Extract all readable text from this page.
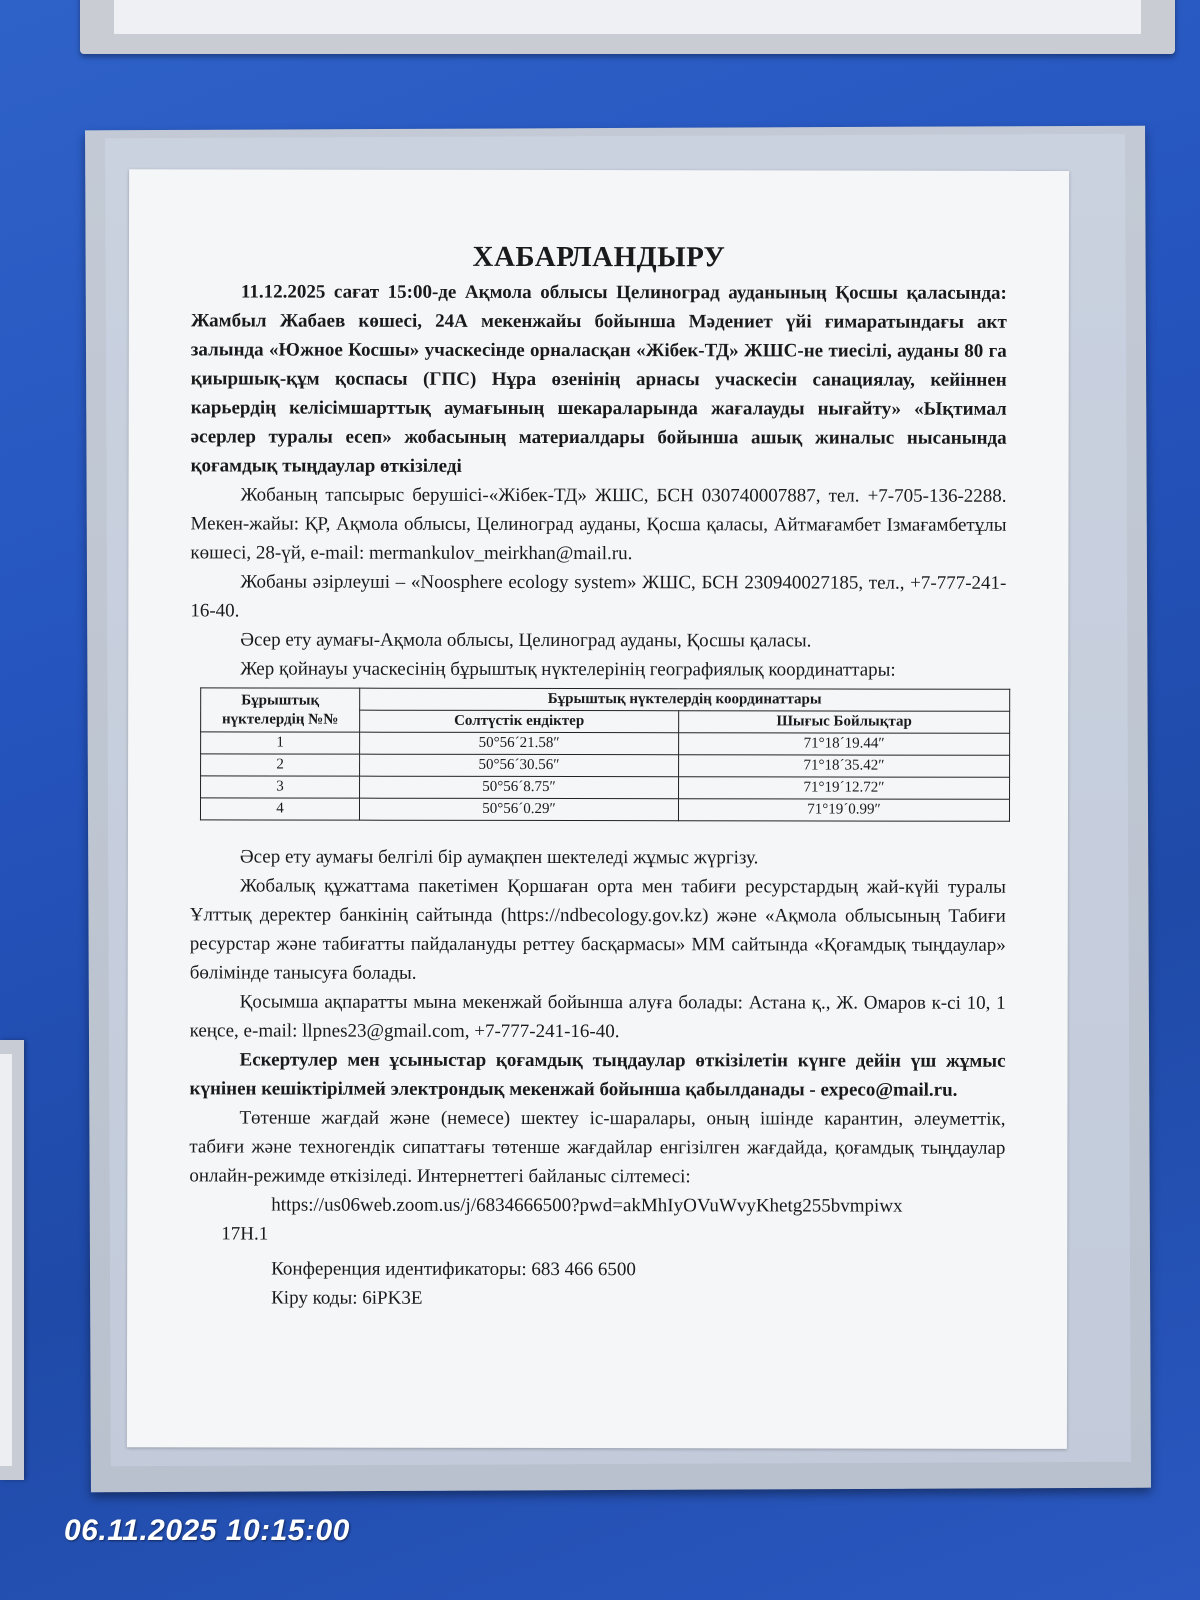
ХАБАРЛАНДЫРУ

11.12.2025 сағат 15:00-де Ақмола облысы Целиноград ауданының Қосшы қаласында: Жамбыл Жабаев көшесі, 24А мекенжайы бойынша Мәдениет үйі ғимаратындағы акт залында «Южное Косшы» учаскесінде орналасқан «Жібек-ТД» ЖШС-не тиесілі, ауданы 80 га қиыршық-құм қоспасы (ГПС) Нұра өзенінің арнасы учаскесін санациялау, кейіннен карьердің келісімшарттық аумағының шекараларында жағалауды нығайту» «Ықтимал әсерлер туралы есеп» жобасының материалдары бойынша ашық жиналыс нысанында қоғамдық тыңдаулар өткізіледі

Жобаның тапсырыс берушісі-«Жібек-ТД» ЖШС, БСН 030740007887, тел. +7-705-136-2288. Мекен-жайы: ҚР, Ақмола облысы, Целиноград ауданы, Қосша қаласы, Айтмағамбет Ізмағамбетұлы көшесі, 28-үй, e-mail: mermankulov_meirkhan@mail.ru.

Жобаны әзірлеуші – «Noosphere ecology system» ЖШС, БСН 230940027185, тел., +7-777-241-16-40.

Әсер ету аумағы-Ақмола облысы, Целиноград ауданы, Қосшы қаласы.

Жер қойнауы учаскесінің бұрыштық нүктелерінің географиялық координаттары:

Бұрыштық нүктелердің №№	Бұрыштық нүктелердің координаттары	
	Солтүстік ендіктер	Шығыс Бойлықтар
1	50°56´21.58″	71°18´19.44″
2	50°56´30.56″	71°18´35.42″
3	50°56´8.75″	71°19´12.72″
4	50°56´0.29″	71°19´0.99″

Әсер ету аумағы белгілі бір аумақпен шектеледі жұмыс жүргізу.

Жобалық құжаттама пакетімен Қоршаған орта мен табиғи ресурстардың жай-күйі туралы Ұлттық деректер банкінің сайтында (https://ndbecology.gov.kz) және «Ақмола облысының Табиғи ресурстар және табиғатты пайдалануды реттеу басқармасы» ММ сайтында «Қоғамдық тыңдаулар» бөлімінде танысуға болады.

Қосымша ақпаратты мына мекенжай бойынша алуға болады: Астана қ., Ж. Омаров к-сі 10, 1 кеңсе, e-mail: llpnes23@gmail.com, +7-777-241-16-40.

Ескертулер мен ұсыныстар қоғамдық тыңдаулар өткізілетін күнге дейін үш жұмыс күнінен кешіктірілмей электрондық мекенжай бойынша қабылданады - expeco@mail.ru.

Төтенше жағдай және (немесе) шектеу іс-шаралары, оның ішінде карантин, әлеуметтік, табиғи және техногендік сипаттағы төтенше жағдайлар енгізілген жағдайда, қоғамдық тыңдаулар онлайн-режимде өткізіледі. Интернеттегі байланыс сілтемесі:

https://us06web.zoom.us/j/6834666500?pwd=akMhIyOVuWvyKhetg255bvmpiwx

17H.1

Конференция идентификаторы: 683 466 6500

Кіру коды: 6iPK3E

06.11.2025 10:15:00
